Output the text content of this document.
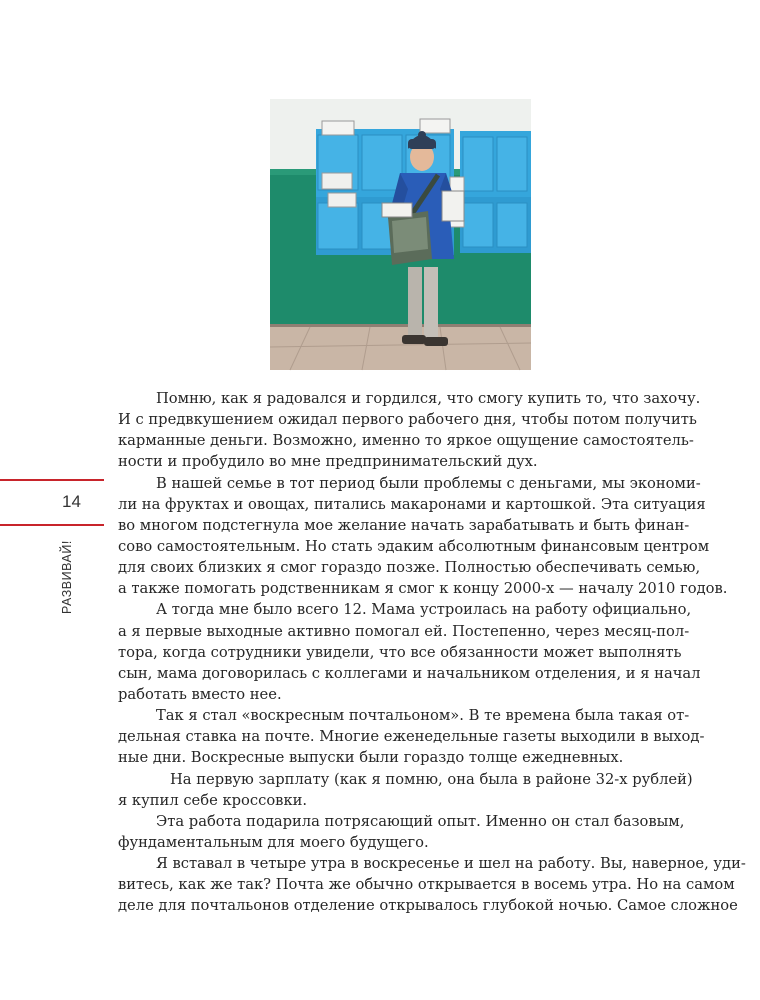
14
РАЗВИВАЙ!
Помню, как я радовался и гордился, что смогу купить то, что захочу.
И с предвкушением ожидал первого рабочего дня, чтобы потом получить
карманные деньги. Возможно, именно то яркое ощущение самостоятель-
ности и пробудило во мне предпринимательский дух.
В нашей семье в тот период были проблемы с деньгами, мы экономи-
ли на фруктах и овощах, питались макаронами и картошкой. Эта ситуация
во многом подстегнула мое желание начать зарабатывать и быть финан-
сово самостоятельным. Но стать эдаким абсолютным финансовым центром
для своих близких я смог гораздо позже. Полностью обеспечивать семью,
а также помогать родственникам я смог к концу 2000-х — началу 2010 годов.
А тогда мне было всего 12. Мама устроилась на работу официально,
а я первые выходные активно помогал ей. Постепенно, через месяц-пол-
тора, когда сотрудники увидели, что все обязанности может выполнять
сын, мама договорилась с коллегами и начальником отделения, и я начал
работать вместо нее.
Так я стал «воскресным почтальоном». В те времена была такая от-
дельная ставка на почте. Многие еженедельные газеты выходили в выход-
ные дни. Воскресные выпуски были гораздо толще ежедневных.
На первую зарплату (как я помню, она была в районе 32-х рублей)
я купил себе кроссовки.
Эта работа подарила потрясающий опыт. Именно он стал базовым,
фундаментальным для моего будущего.
Я вставал в четыре утра в воскресенье и шел на работу. Вы, наверное, уди-
витесь, как же так? Почта же обычно открывается в восемь утра. Но на самом
деле для почтальонов отделение открывалось глубокой ночью. Самое сложное
